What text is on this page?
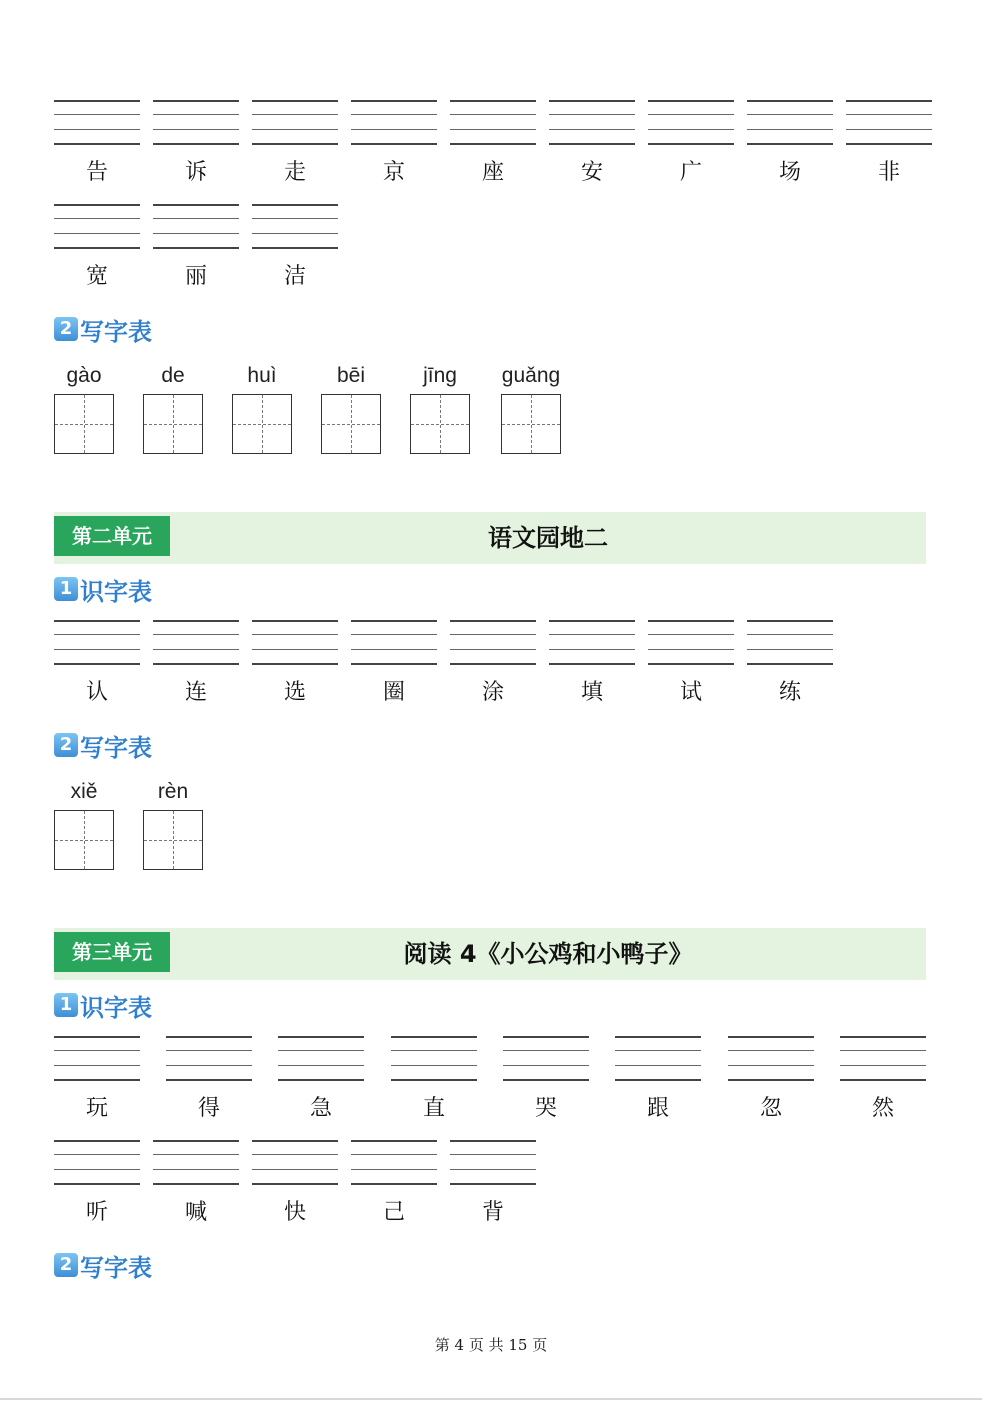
告	诉	走	京	座	安	广	场	非
宽	丽	洁
2 写字表
gào	de	huì	bēi	jīng	guǎng
第二单元	语文园地二
1 识字表
认	连	选	圈	涂	填	试	练
2 写字表
xiě	rèn
第三单元	阅读 4《小公鸡和小鸭子》
1 识字表
玩	得	急	直	哭	跟	忽	然
听	喊	快	己	背
2 写字表
第 4 页 共 15 页
